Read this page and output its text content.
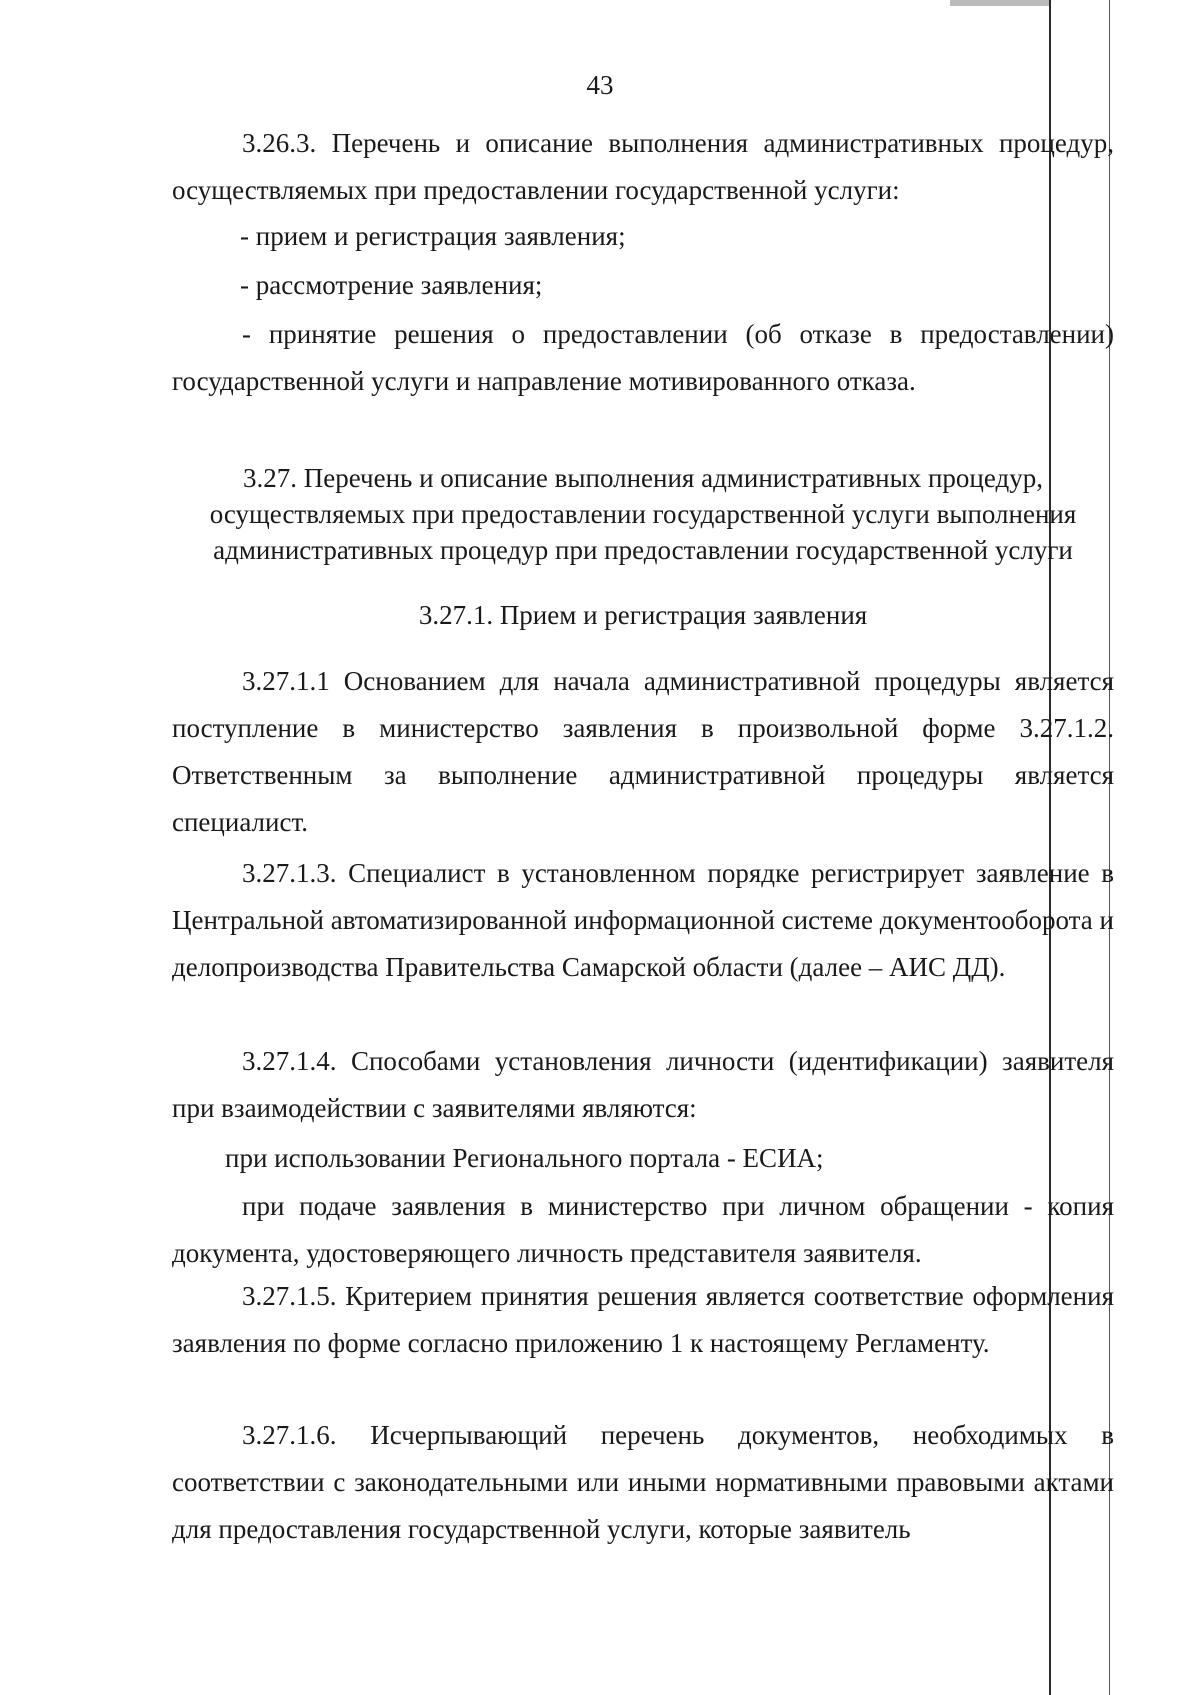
43

3.26.3. Перечень и описание выполнения административных процедур, осуществляемых при предоставлении государственной услуги:

- прием и регистрация заявления;

- рассмотрение заявления;

- принятие решения о предоставлении (об отказе в предоставлении) государственной услуги и направление мотивированного отказа.

3.27. Перечень и описание выполнения административных процедур, осуществляемых при предоставлении государственной услуги выполнения административных процедур при предоставлении государственной услуги

3.27.1. Прием и регистрация заявления

3.27.1.1 Основанием для начала административной процедуры является поступление в министерство заявления в произвольной форме 3.27.1.2. Ответственным за выполнение административной процедуры является специалист.

3.27.1.3. Специалист в установленном порядке регистрирует заявление в Центральной автоматизированной информационной системе документооборота и делопроизводства Правительства Самарской области (далее – АИС ДД).

3.27.1.4. Способами установления личности (идентификации) заявителя при взаимодействии с заявителями являются:

при использовании Регионального портала - ЕСИА;

при подаче заявления в министерство при личном обращении - копия документа, удостоверяющего личность представителя заявителя.

3.27.1.5. Критерием принятия решения является соответствие оформления заявления по форме согласно приложению 1 к настоящему Регламенту.

3.27.1.6. Исчерпывающий перечень документов, необходимых в соответствии с законодательными или иными нормативными правовыми актами для предоставления государственной услуги, которые заявитель
